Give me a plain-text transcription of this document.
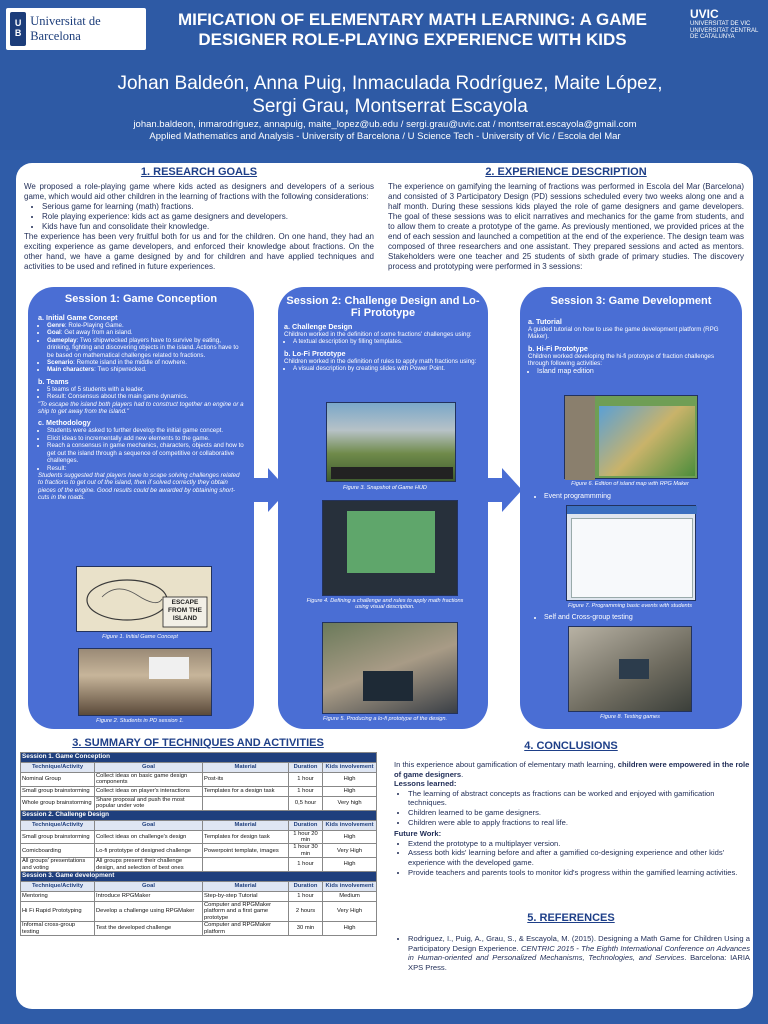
U
B
Universitat de Barcelona
MIFICATION OF ELEMENTARY MATH LEARNING: A GAME
DESIGNER ROLE-PLAYING EXPERIENCE WITH KIDS
UVIC
UNIVERSITAT DE VIC
UNIVERSITAT CENTRAL
DE CATALUNYA
Johan Baldeón, Anna Puig, Inmaculada Rodríguez, Maite López, Sergi Grau, Montserrat Escayola
johan.baldeon, inmarodriguez, annapuig, maite_lopez@ub.edu / sergi.grau@uvic.cat / montserrat.escayola@gmail.com
Applied Mathematics and Analysis - University of Barcelona / U Science Tech - University of Vic / Escola del Mar
1. RESEARCH GOALS
We proposed a role-playing game where kids acted as designers and developers of a serious game, which would aid other children in the learning of fractions with the following considerations:
• Serious game for learning (math) fractions.
• Role playing experience: kids act as game designers and developers.
• Kids have fun and consolidate their knowledge.
The experience has been very fruitful both for us and for the children. On one hand, they had an exciting experience as game developers, and enforced their knowledge about fractions. On the other hand, we have a game designed by and for children and have applied techniques and activities to be used and refined in future experiences.
2. EXPERIENCE DESCRIPTION
The experience on gamifying the learning of fractions was performed in Escola del Mar (Barcelona) and consisted of 3 Participatory Design (PD) sessions scheduled every two weeks along one and a half month. During these sessions kids played the role of game designers and game developers. The goal of these sessions was to elicit narratives and mechanics for the game from students, and to allow them to create a prototype of the game. As previously mentioned, we provided prices at the end of each session and launched a competition at the end of the experience. The design team was composed of three researchers and one assistant. They prepared sessions and acted as mentors. Stakeholders were one teacher and 25 students of sixth grade of primary studies. The discovery process and prototyping were performed in 3 sessions:
Session 1: Game Conception
a. Initial Game Concept
• Genre: Role-Playing Game.
• Goal: Get away from an island.
• Gameplay: Two shipwrecked players have to survive by eating, drinking, fighting and discovering objects in the island. Actions have to be based on mathematical challenges related to fractions.
• Scenario: Remote island in the middle of nowhere.
• Main characters: Two shipwrecked.
b. Teams
• 5 teams of 5 students with a leader.
• Result: Consensus about the main game dynamics.
"To escape the island both players had to construct together an engine or a ship to get away from the island."
c. Methodology
• Students were asked to further develop the initial game concept.
• Elicit ideas to incrementally add new elements to the game.
• Reach a consensus in game mechanics, characters, objects and how to get out the island through a sequence of competitive or collaborative challenges.
• Result:
Students suggested that players have to scape solving challenges related to fractions to get out of the island, then if solved correctly they obtain pieces of the engine. Good results could be awarded by obtaining short-cuts in the roads.
ESCAPE FROM THE ISLAND
Figure 1. Initial Game Concept
Figure 2. Students in PD session 1.
Session 2: Challenge Design and Lo-Fi Prototype
a. Challenge Design
Children worked in the definition of some fractions' challenges using:
• A textual description by filling templates.
b. Lo-Fi Prototype
Children worked in the definition of rules to apply math fractions using:
• A visual description by creating slides with Power Point.
Figure 3. Snapshot of Game HUD
Figure 4. Defining a challenge and rules to apply math fractions using visual description.
Figure 5. Producing a lo-fi prototype of the design.
Session 3: Game Development
a. Tutorial
A guided tutorial on how to use the game development platform (RPG Maker).
b. Hi-Fi Prototype
Children worked developing the hi-fi prototype of fraction challenges through following activities:
• Island map edition
Figure 6. Edition of island map with RPG Maker
• Event programmming
Figure 7. Programming basic events with students
• Self and Cross-group testing
Figure 8. Testing games
3. SUMMARY OF TECHNIQUES AND ACTIVITIES
Session 1. Game Conception				
Technique/Activity	Goal	Material	Duration	Kids involvement
Nominal Group	Collect ideas on basic game design components	Post-its	1 hour	High
Small group brainstorming	Collect ideas on player's interactions	Templates for a design task	1 hour	High
Whole group brainstorming	Share proposal and push the most popular under vote		0,5 hour	Very high
Session 2. Challenge Design				
Technique/Activity	Goal	Material	Duration	Kids involvement
Small group brainstorming	Collect ideas on challenge's design	Templates for design task	1 hour 20 min	High
Comicboarding	Lo-fi prototype of designed challenge	Powerpoint template, images	1 hour 30 min	Very High
All groups' presentations and voting	All groups present their challenge design, and selection of best ones		1 hour	High
Session 3. Game development				
Technique/Activity	Goal	Material	Duration	Kids involvement
Mentoring	Introduce RPGMaker	Step-by-step Tutorial	1 hour	Medium
Hi Fi Rapid Prototyping	Develop a challenge using RPGMaker	Computer and RPGMaker platform and a first game prototype	2 hours	Very High
Informal cross-group testing	Test the developed challenge	Computer and RPGMaker platform	30 min	High
4. CONCLUSIONS
In this experience about gamification of elementary math learning, children were empowered in the role of game designers.
Lessons learned:
• The learning of abstract concepts as fractions can be worked and enjoyed with gamification techniques.
• Children learned to be game designers.
• Children were able to apply fractions to real life.
Future Work:
• Extend the prototype to a multiplayer version.
• Assess both kids' learning before and after a gamified co-designing experience and other kids' experience with the developed game.
• Provide teachers and parents tools to monitor kid's progress within the gamified learning activities.
5. REFERENCES
• Rodriguez, I., Puig, A., Grau, S., & Escayola, M. (2015). Designing a Math Game for Children Using a Participatory Design Experience. CENTRIC 2015 - The Eighth International Conference on Advances in Human-oriented and Personalized Mechanisms, Technologies, and Services. Barcelona: IARIA XPS Press.
